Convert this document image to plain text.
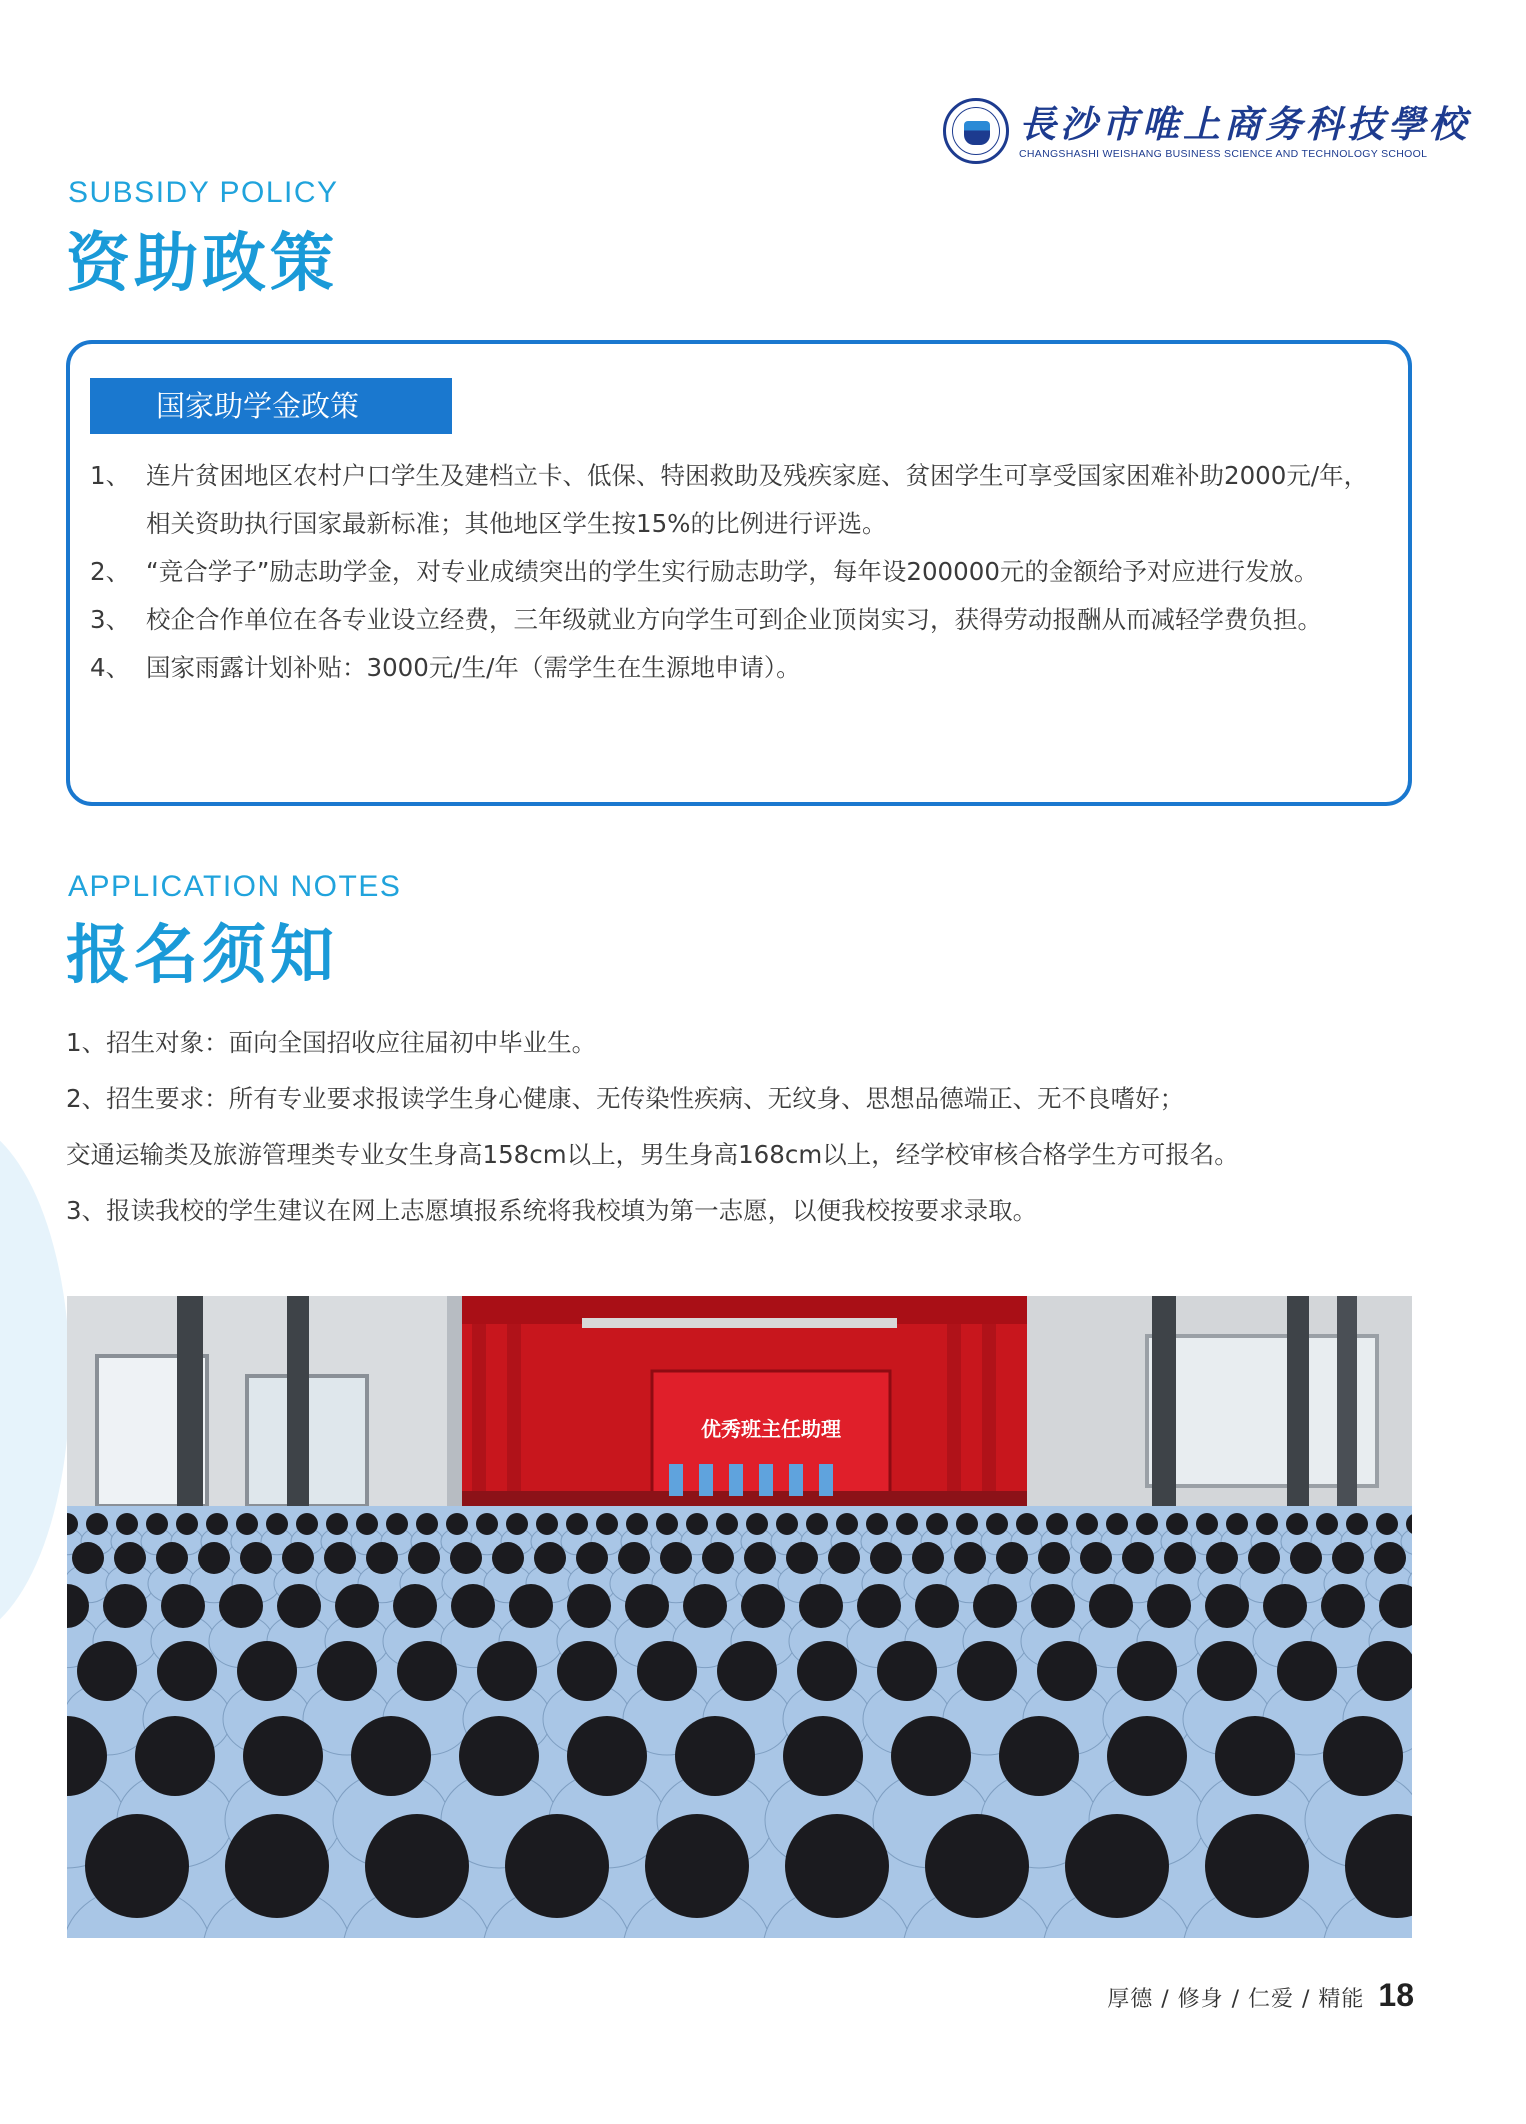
長沙市唯上商务科技學校
CHANGSHASHI WEISHANG BUSINESS SCIENCE AND TECHNOLOGY SCHOOL
SUBSIDY POLICY
资助政策
国家助学金政策
1、 连片贫困地区农村户口学生及建档立卡、低保、特困救助及残疾家庭、贫困学生可享受国家困难补助2000元/年，相关资助执行国家最新标准；其他地区学生按15%的比例进行评选。
2、 “竞合学子”励志助学金，对专业成绩突出的学生实行励志助学，每年设200000元的金额给予对应进行发放。
3、 校企合作单位在各专业设立经费，三年级就业方向学生可到企业顶岗实习，获得劳动报酬从而减轻学费负担。
4、 国家雨露计划补贴：3000元/生/年（需学生在生源地申请）。
APPLICATION NOTES
报名须知

1、招生对象：面向全国招收应往届初中毕业生。

2、招生要求：所有专业要求报读学生身心健康、无传染性疾病、无纹身、思想品德端正、无不良嗜好；

交通运输类及旅游管理类专业女生身高158cm以上，男生身高168cm以上，经学校审核合格学生方可报名。

3、报读我校的学生建议在网上志愿填报系统将我校填为第一志愿，以便我校按要求录取。

优秀班主任助理
厚德 / 修身 / 仁爱 / 精能 18
